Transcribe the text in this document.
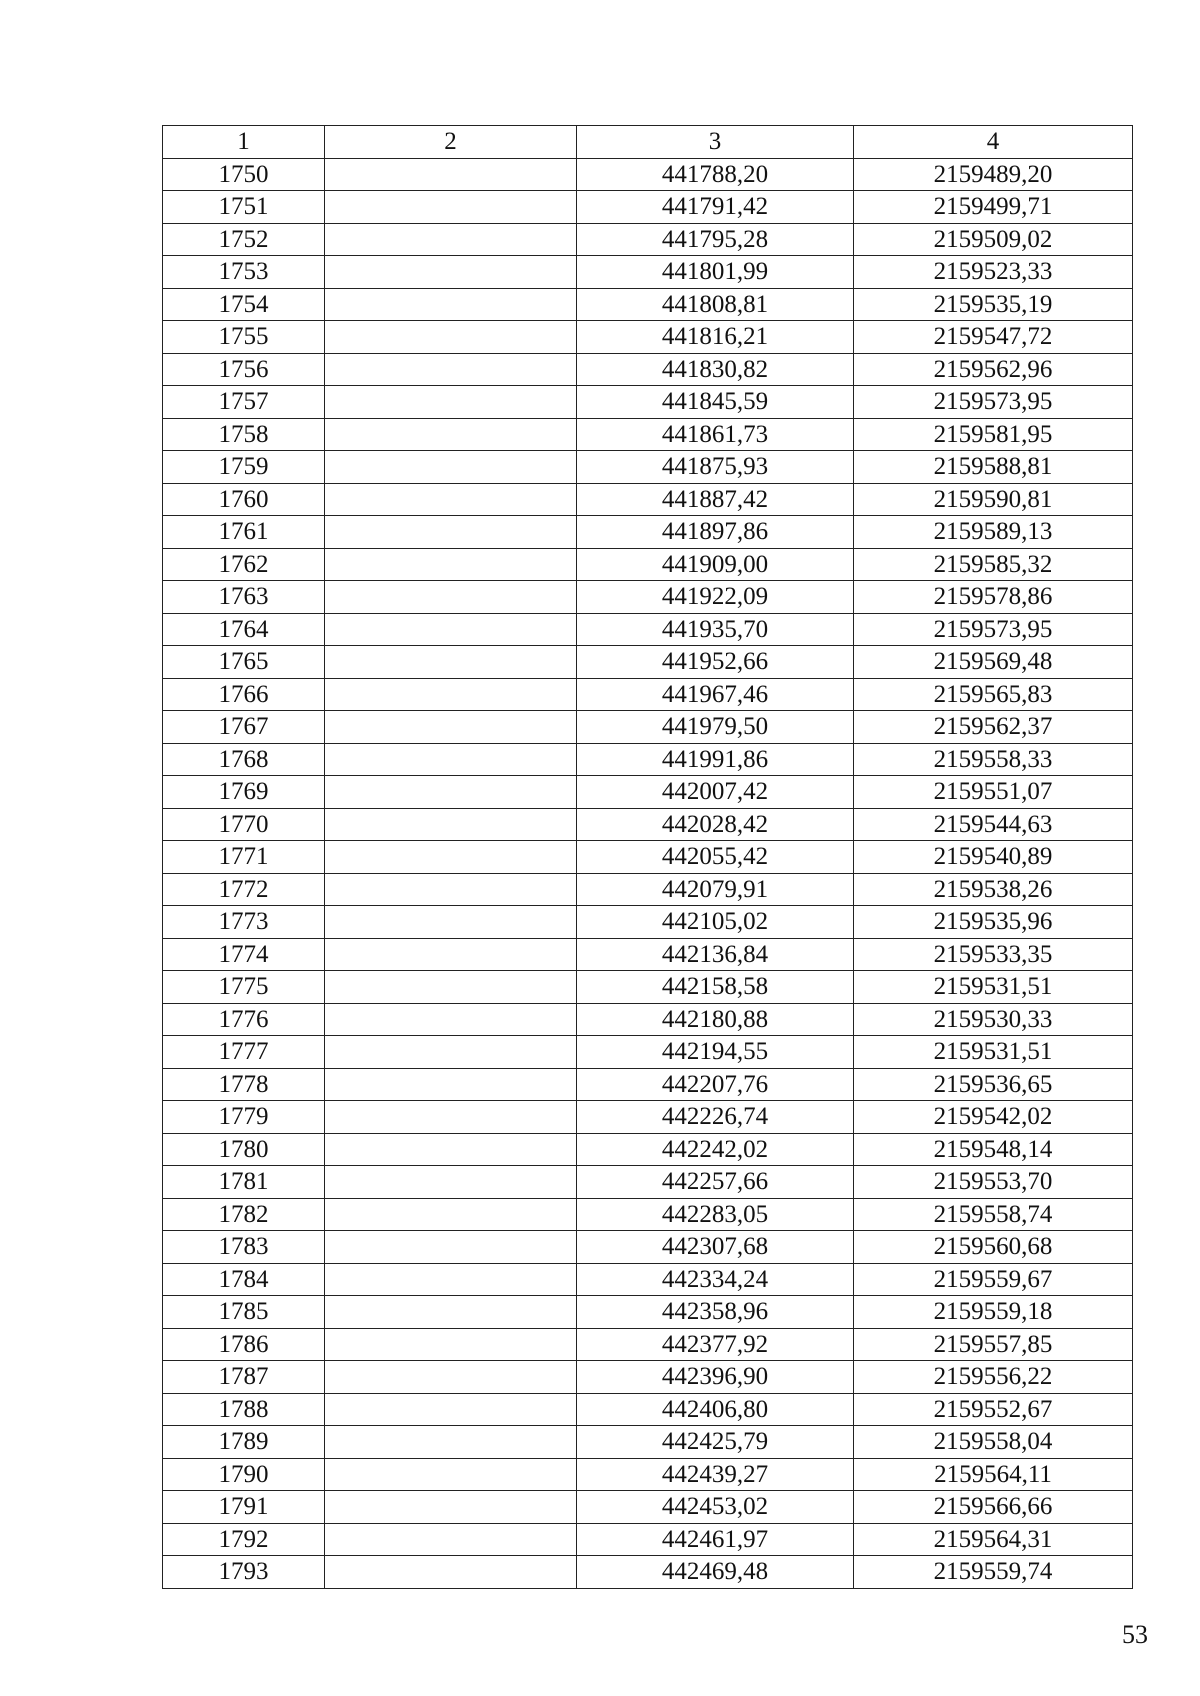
1	2	3	4
1750		441788,20	2159489,20
1751		441791,42	2159499,71
1752		441795,28	2159509,02
1753		441801,99	2159523,33
1754		441808,81	2159535,19
1755		441816,21	2159547,72
1756		441830,82	2159562,96
1757		441845,59	2159573,95
1758		441861,73	2159581,95
1759		441875,93	2159588,81
1760		441887,42	2159590,81
1761		441897,86	2159589,13
1762		441909,00	2159585,32
1763		441922,09	2159578,86
1764		441935,70	2159573,95
1765		441952,66	2159569,48
1766		441967,46	2159565,83
1767		441979,50	2159562,37
1768		441991,86	2159558,33
1769		442007,42	2159551,07
1770		442028,42	2159544,63
1771		442055,42	2159540,89
1772		442079,91	2159538,26
1773		442105,02	2159535,96
1774		442136,84	2159533,35
1775		442158,58	2159531,51
1776		442180,88	2159530,33
1777		442194,55	2159531,51
1778		442207,76	2159536,65
1779		442226,74	2159542,02
1780		442242,02	2159548,14
1781		442257,66	2159553,70
1782		442283,05	2159558,74
1783		442307,68	2159560,68
1784		442334,24	2159559,67
1785		442358,96	2159559,18
1786		442377,92	2159557,85
1787		442396,90	2159556,22
1788		442406,80	2159552,67
1789		442425,79	2159558,04
1790		442439,27	2159564,11
1791		442453,02	2159566,66
1792		442461,97	2159564,31
1793		442469,48	2159559,74
53
